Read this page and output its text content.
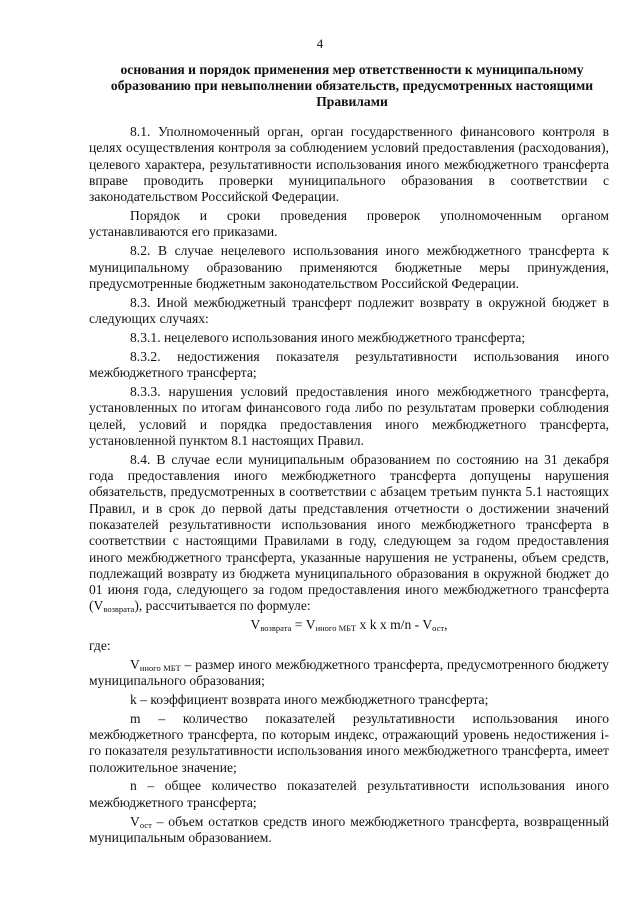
4
основания и порядок применения мер ответственности к муниципальному образованию при невыполнении обязательств, предусмотренных настоящими Правилами

8.1. Уполномоченный орган, орган государственного финансового контроля в целях осуществления контроля за соблюдением условий предоставления (расходования), целевого характера, результативности использования иного межбюджетного трансферта вправе проводить проверки муниципального образования в соответствии с законодательством Российской Федерации.

Порядок и сроки проведения проверок уполномоченным органом устанавливаются его приказами.

8.2. В случае нецелевого использования иного межбюджетного трансферта к муниципальному образованию применяются бюджетные меры принуждения, предусмотренные бюджетным законодательством Российской Федерации.

8.3. Иной межбюджетный трансферт подлежит возврату в окружной бюджет в следующих случаях:

8.3.1. нецелевого использования иного межбюджетного трансферта;

8.3.2. недостижения показателя результативности использования иного межбюджетного трансферта;

8.3.3. нарушения условий предоставления иного межбюджетного трансферта, установленных по итогам финансового года либо по результатам проверки соблюдения целей, условий и порядка предоставления иного межбюджетного трансферта, установленной пунктом 8.1 настоящих Правил.

8.4. В случае если муниципальным образованием по состоянию на 31 декабря года предоставления иного межбюджетного трансферта допущены нарушения обязательств, предусмотренных в соответствии с абзацем третьим пункта 5.1 настоящих Правил, и в срок до первой даты представления отчетности о достижении значений показателей результативности использования иного межбюджетного трансферта в соответствии с настоящими Правилами в году, следующем за годом предоставления иного межбюджетного трансферта, указанные нарушения не устранены, объем средств, подлежащий возврату из бюджета муниципального образования в окружной бюджет до 01 июня года, следующего за годом предоставления иного межбюджетного трансферта $(V_{возврата})$, рассчитывается по формуле:

$V_{возврата} = V_{иного МБТ}$ х k х $m/n - V_{ост}$,

где:

$V_{иного МБТ}$ – размер иного межбюджетного трансферта, предусмотренного бюджету муниципального образования;

k – коэффициент возврата иного межбюджетного трансферта;

m – количество показателей результативности использования иного межбюджетного трансферта, по которым индекс, отражающий уровень недостижения i-го показателя результативности использования иного межбюджетного трансферта, имеет положительное значение;

n – общее количество показателей результативности использования иного межбюджетного трансферта;

$V_{ост}$ – объем остатков средств иного межбюджетного трансферта, возвращенный муниципальным образованием.
